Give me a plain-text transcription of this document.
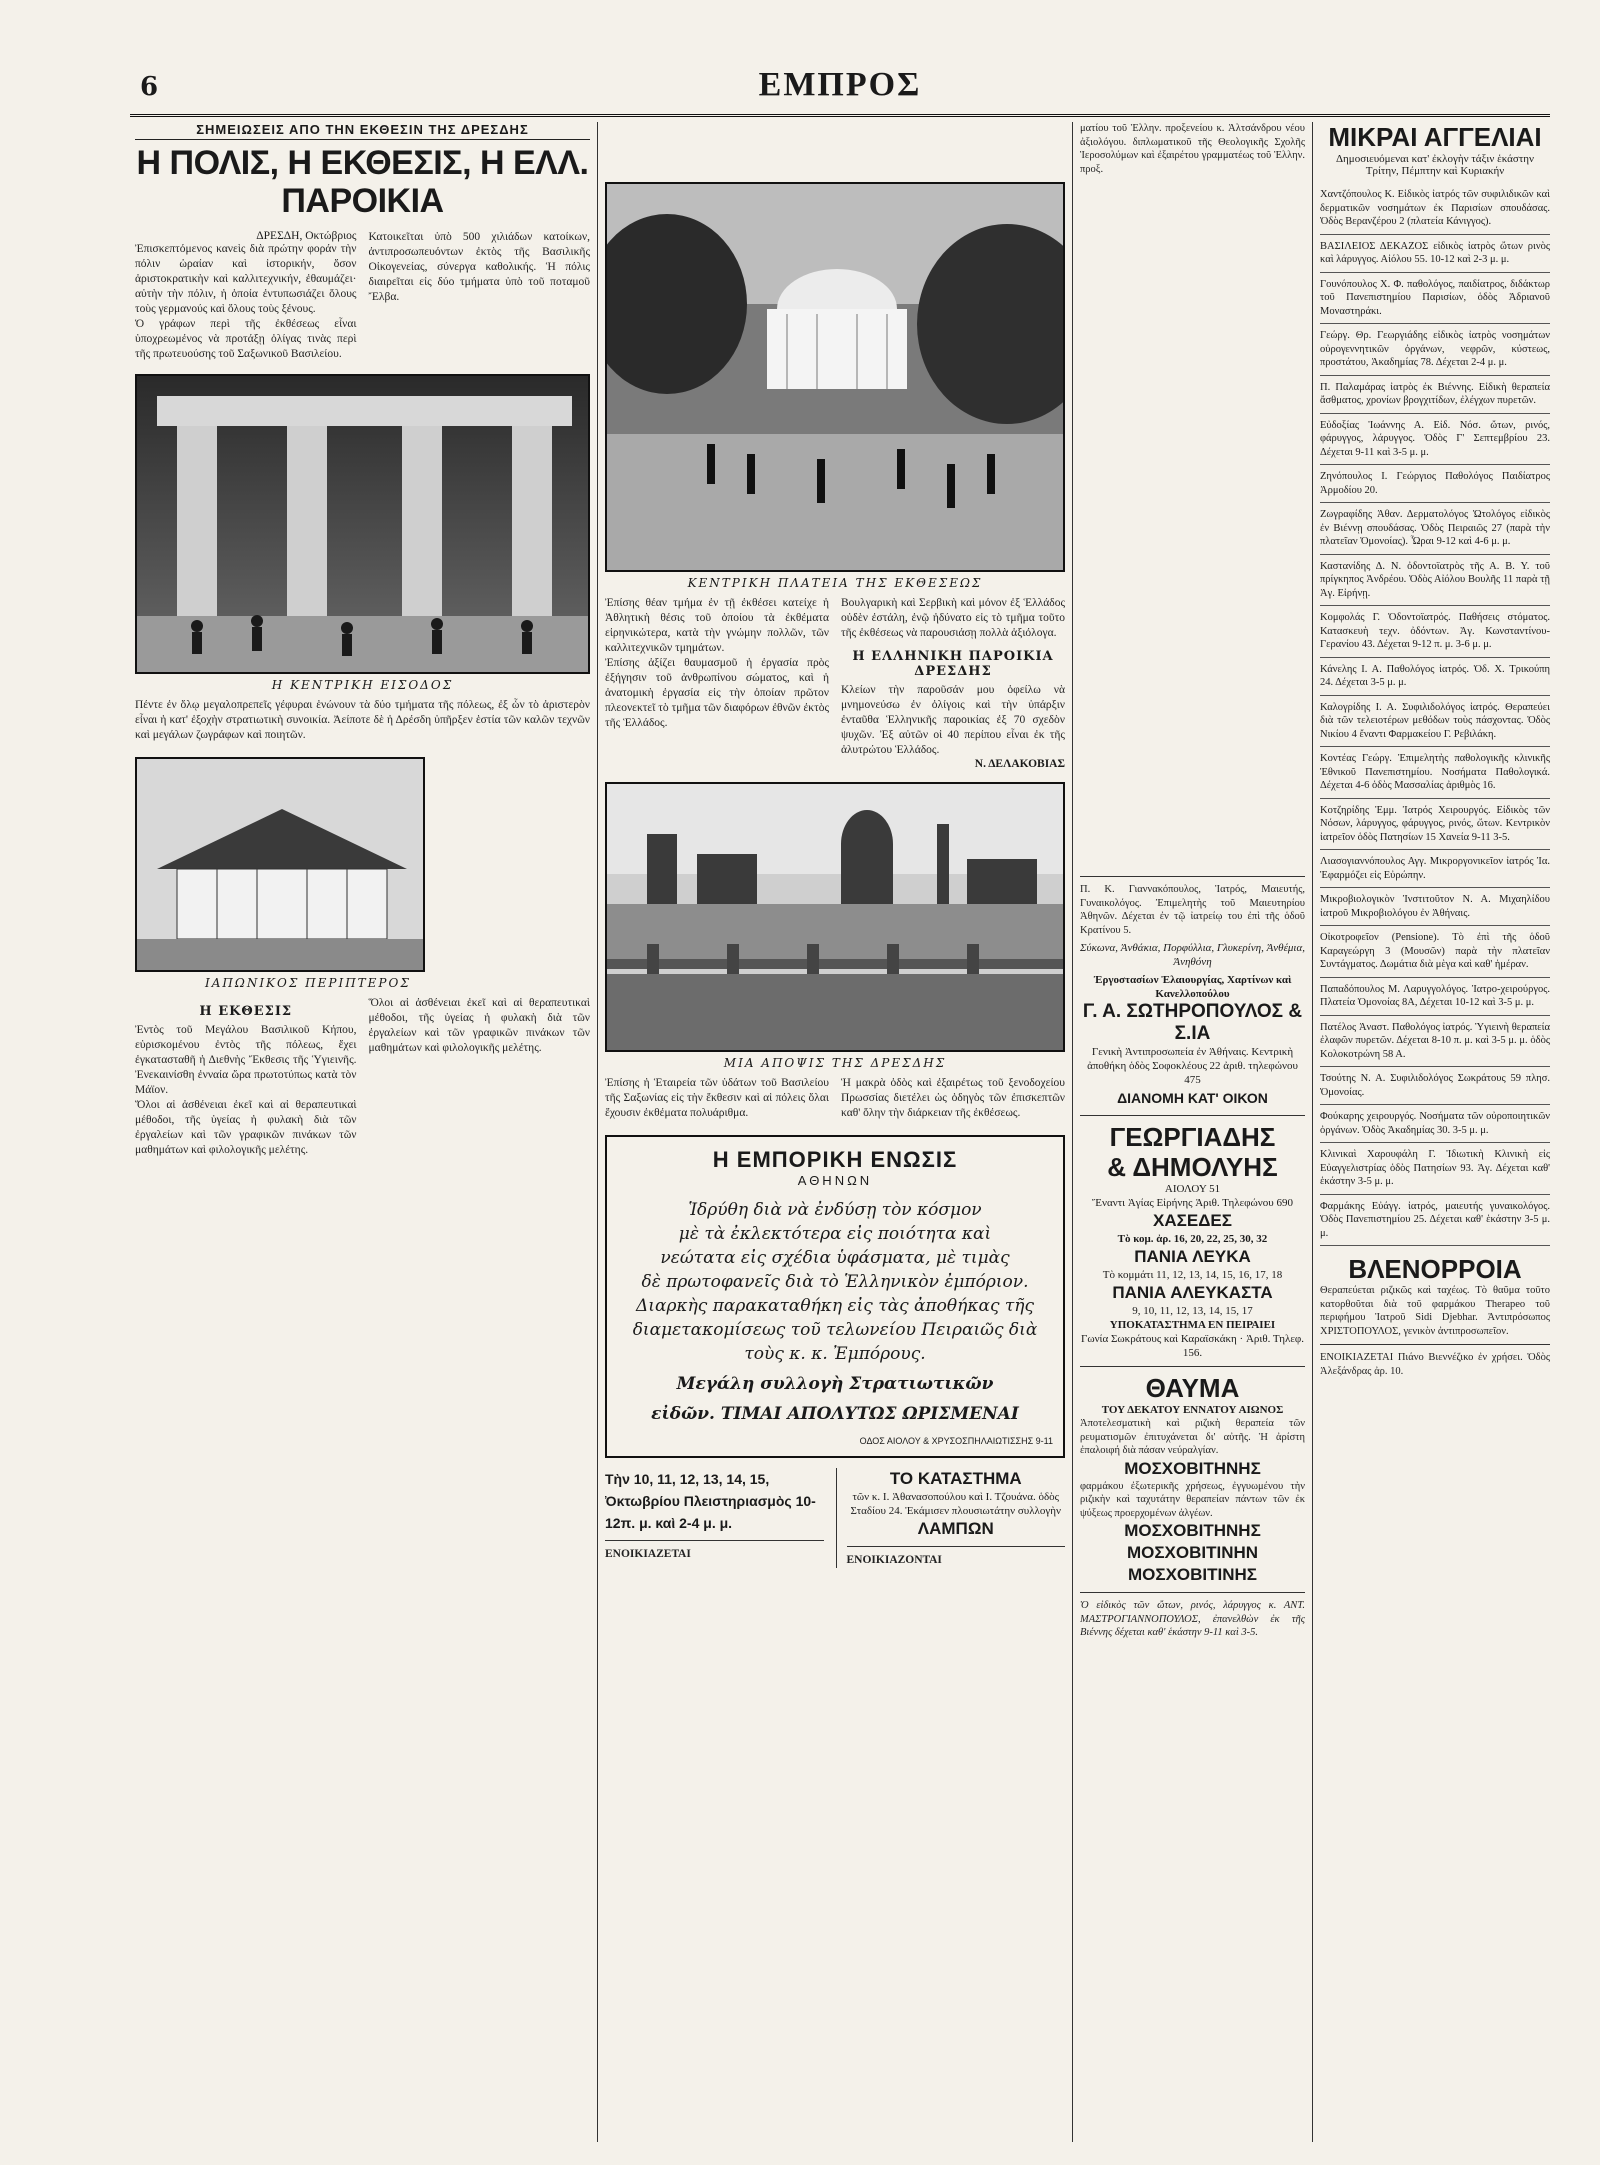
6	ΕΜΠΡΟΣ
ΣΗΜΕΙΩΣΕΙΣ ΑΠΟ ΤΗΝ ΕΚΘΕΣΙΝ ΤΗΣ ΔΡΕΣΔΗΣ
Η ΠΟΛΙΣ, Η ΕΚΘΕΣΙΣ, Η ΕΛΛ. ΠΑΡΟΙΚΙΑ
ΔΡΕΣΔΗ, Οκτώβριος

Ἐπισκεπτόμενος κανεὶς διὰ πρώτην φοράν τὴν πόλιν ὡραίαν καὶ ἱστορικήν, ὅσον ἀριστοκρατικὴν καὶ καλλιτεχνικήν, ἐθαυμάζει· αὐτὴν τὴν πόλιν, ἡ ὁποία ἐντυπωσιάζει ὅλους τοὺς γερμανούς καὶ ὅλους τοὺς ξένους.

Ὁ γράφων περὶ τῆς ἐκθέσεως εἶναι ὑποχρεωμένος νὰ προτάξῃ ὀλίγας τινὰς περὶ τῆς πρωτευούσης τοῦ Σαξωνικοῦ Βασιλείου.

Κατοικεῖται ὑπὸ 500 χιλιάδων κατοίκων, ἀντιπροσωπευόντων ἐκτὸς τῆς Βασιλικῆς Οἰκογενείας, σύνεργα καθολικής. Ἡ πόλις διαιρεῖται εἰς δύο τμήματα ὑπὸ τοῦ ποταμοῦ Ἔλβα.

Η ΚΕΝΤΡΙΚΗ ΕΙΣΟΔΟΣ

Πέντε ἐν ὅλῳ μεγαλοπρεπεῖς γέφυραι ἑνώνουν τὰ δύο τμήματα τῆς πόλεως, ἐξ ὧν τὸ ἀριστερὸν εἶναι ἡ κατ' ἐξοχὴν στρατιωτικὴ συνοικία. Ἀείποτε δὲ ἡ Δρέσδη ὑπῆρξεν ἑστία τῶν καλῶν τεχνῶν καὶ μεγάλων ζωγράφων καὶ ποιητῶν.

ΙΑΠΩΝΙΚΟΣ ΠΕΡΙΠΤΕΡΟΣ
Η ΕΚΘΕΣΙΣ

Ἐντὸς τοῦ Μεγάλου Βασιλικοῦ Κήπου, εὑρισκομένου ἐντὸς τῆς πόλεως, ἔχει ἐγκατασταθῆ ἡ Διεθνὴς Ἔκθεσις τῆς Ὑγιεινῆς. Ἐνεκαινίσθη ἐνναία ὥρα πρωτοτύπως κατὰ τὸν Μάϊον.

Ὅλοι αἱ ἀσθένειαι ἐκεῖ καὶ αἱ θεραπευτικαὶ μέθοδοι, τῆς ὑγείας ἡ φυλακὴ διὰ τῶν ἐργαλείων καὶ τῶν γραφικῶν πινάκων τῶν μαθημάτων καὶ φιλολογικῆς μελέτης.

Ὅλοι αἱ ἀσθένειαι ἐκεῖ καὶ αἱ θεραπευτικαὶ μέθοδοι, τῆς ὑγείας ἡ φυλακὴ διὰ τῶν ἐργαλείων καὶ τῶν γραφικῶν πινάκων τῶν μαθημάτων καὶ φιλολογικῆς μελέτης.

ΚΕΝΤΡΙΚΗ ΠΛΑΤΕΙΑ ΤΗΣ ΕΚΘΕΣΕΩΣ

Ἐπίσης θέαν τμήμα ἐν τῇ ἐκθέσει κατείχε ἡ Ἀθλητικὴ θέσις τοῦ ὁποίου τὰ ἐκθέματα εἰρηνικώτερα, κατὰ τὴν γνώμην πολλῶν, τῶν καλλιτεχνικῶν τμημάτων.

Ἐπίσης ἀξίζει θαυμασμοῦ ἡ ἐργασία πρὸς ἐξήγησιν τοῦ ἀνθρωπίνου σώματος, καὶ ἡ ἀνατομικὴ ἐργασία εἰς τὴν ὁποίαν πρῶτον πλεονεκτεῖ τὸ τμῆμα τῶν διαφόρων ἐθνῶν ἐκτὸς τῆς Ἑλλάδος.

Βουλγαρικὴ καὶ Σερβικὴ καὶ μόνον ἐξ Ἑλλάδος οὐδὲν ἐστάλη, ἐνῷ ἠδύνατο εἰς τὸ τμῆμα τοῦτο τῆς ἐκθέσεως νὰ παρουσιάσῃ πολλὰ ἀξιόλογα.

Η ΕΛΛΗΝΙΚΗ ΠΑΡΟΙΚΙΑ ΔΡΕΣΔΗΣ

Κλείων τὴν παροῦσάν μου ὀφείλω νὰ μνημονεύσω ἐν ὀλίγοις καὶ τὴν ὑπάρξιν ἐνταῦθα Ἑλληνικῆς παροικίας ἐξ 70 σχεδὸν ψυχῶν. Ἐξ αὐτῶν οἱ 40 περίπου εἶναι ἐκ τῆς ἀλυτρώτου Ἑλλάδος.

Ν. ΔΕΛΑΚΟΒΙΑΣ
ΜΙΑ ΑΠΟΨΙΣ ΤΗΣ ΔΡΕΣΔΗΣ

Ἐπίσης ἡ Ἑταιρεία τῶν ὑδάτων τοῦ Βασιλείου τῆς Σαξωνίας εἰς τὴν ἔκθεσιν καὶ αἱ πόλεις ὅλαι ἔχουσιν ἐκθέματα πολυάριθμα.

Ἡ μακρὰ ὁδὸς καὶ ἐξαιρέτως τοῦ ξενοδοχείου Πρωσσίας διετέλει ὡς ὁδηγὸς τῶν ἐπισκεπτῶν καθ' ὅλην τὴν διάρκειαν τῆς ἐκθέσεως.

Η ΕΜΠΟΡΙΚΗ ΕΝΩΣΙΣ
ΑΘΗΝΩΝ
Ἱδρύθη διὰ νὰ ἐνδύσῃ τὸν κόσμον
μὲ τὰ ἐκλεκτότερα εἰς ποιότητα καὶ
νεώτατα εἰς σχέδια ὑφάσματα, μὲ τιμὰς
δὲ πρωτοφανεῖς διὰ τὸ Ἑλληνικὸν ἐμπόριον.
Διαρκὴς παρακαταθήκη εἰς τὰς ἀποθήκας τῆς διαμετακομίσεως τοῦ τελωνείου Πειραιῶς διὰ τοὺς κ. κ. Ἐμπόρους.
Μεγάλη συλλογὴ Στρατιωτικῶν
εἰδῶν. ΤΙΜΑΙ ΑΠΟΛΥΤΩΣ ΩΡΙΣΜΕΝΑΙ
ΟΔΟΣ ΑΙΟΛΟΥ & ΧΡΥΣΟΣΠΗΛΑΙΩΤΙΣΣΗΣ 9-11
Τὴν 10, 11, 12, 13, 14, 15, Ὀκτωβρίου Πλειστηριασμὸς 10-12π. μ. καὶ 2-4 μ. μ.
ΕΝΟΙΚΙΑΖΕΤΑΙ
ΤΟ ΚΑΤΑΣΤΗΜΑ
τῶν κ. Ι. Ἀθανασοπούλου καὶ Ι. Τζουάνα. ὁδὸς Σταδίου 24. Ἐκάμισεν πλουσιωτάτην συλλογὴν
ΛΑΜΠΩΝ
ΕΝΟΙΚΙΑΖΟΝΤΑΙ

ματίου τοῦ Ἑλλην. προξενείου κ. Ἀλτσάνδρου νέου ἀξιολόγου. διπλωματικοῦ τῆς Θεολογικῆς Σχολῆς Ἱεροσολύμων καὶ ἐξαιρέτου γραμματέως τοῦ Ἑλλην. προξ.

Π. Κ. Γιαννακόπουλος, Ἰατρός, Μαιευτής, Γυναικολόγος. Ἐπιμελητὴς τοῦ Μαιευτηρίου Ἀθηνῶν. Δέχεται ἐν τῷ ἰατρείῳ του ἐπὶ τῆς ὁδοῦ Κρατίνου 5.

Σύκωνα, Ἀνθάκια, Πορφύλλια, Γλυκερίνη, Ἀνθέμια, Ἀνηθόνη
Ἐργοστασίων Ἐλαιουργίας, Χαρτίνων καὶ Κανελλοπούλου
Γ. Α. ΣΩΤΗΡΟΠΟΥΛΟΣ & Σ.ΙΑ
Γενικὴ Ἀντιπροσωπεία ἐν Ἀθήναις. Κεντρικὴ ἀποθήκη ὁδὸς Σοφοκλέους 22 ἀριθ. τηλεφώνου 475
ΔΙΑΝΟΜΗ ΚΑΤ' ΟΙΚΟΝ
ΓΕΩΡΓΙΑΔΗΣ
& ΔΗΜΟΛΥΗΣ
ΑΙΟΛΟΥ 51
Ἔναντι Ἁγίας Εἰρήνης Ἀριθ. Τηλεφώνου 690
ΧΑΣΕΔΕΣ
Τὸ κομ. ἀρ. 16, 20, 22, 25, 30, 32
ΠΑΝΙΑ ΛΕΥΚΑ
Τὸ κομμάτι 11, 12, 13, 14, 15, 16, 17, 18
ΠΑΝΙΑ ΑΛΕΥΚΑΣΤΑ
9, 10, 11, 12, 13, 14, 15, 17
ΥΠΟΚΑΤΑΣΤΗΜΑ ΕΝ ΠΕΙΡΑΙΕΙ
Γωνία Σωκράτους καὶ Καραϊσκάκη · Ἀριθ. Τηλεφ. 156.
ΘΑΥΜΑ
ΤΟΥ ΔΕΚΑΤΟΥ ΕΝΝΑΤΟΥ ΑΙΩΝΟΣ

Ἀποτελεσματικὴ καὶ ριζικὴ θεραπεία τῶν ρευματισμῶν ἐπιτυχάνεται δι' αὐτῆς. Ἡ ἀρίστη ἐπαλοιφή διὰ πάσαν νεύραλγίαν.

ΜΟΣΧΟΒΙΤΗΝΗΣ

φαρμάκου ἐξωτερικῆς χρήσεως, ἐγγυωμένου τὴν ριζικὴν καὶ ταχυτάτην θεραπείαν πάντων τῶν ἐκ ψύξεως προερχομένων ἀλγέων.

ΜΟΣΧΟΒΙΤΗΝΗΣ
ΜΟΣΧΟΒΙΤΙΝΗΝ
ΜΟΣΧΟΒΙΤΙΝΗΣ

Ὁ εἰδικὸς τῶν ὤτων, ρινός, λάρυγγος κ. ΑΝΤ. ΜΑΣΤΡΟΓΙΑΝΝΟΠΟΥΛΟΣ, ἐπανελθὼν ἐκ τῆς Βιέννης δέχεται καθ' ἑκάστην 9-11 καὶ 3-5.

ΜΙΚΡΑΙ ΑΓΓΕΛΙΑΙ
Δημοσιευόμεναι κατ' ἐκλογὴν τάξιν ἑκάστην Τρίτην, Πέμπτην καὶ Κυριακήν
Χαντζόπουλος Κ. Εἰδικὸς ἰατρός τῶν συφιλιδικῶν καὶ δερματικῶν νοσημάτων ἐκ Παρισίων σπουδάσας. Ὁδὸς Βερανζέρου 2 (πλατεία Κάνιγγος).
ΒΑΣΙΛΕΙΟΣ ΔΕΚΑΖΟΣ εἰδικὸς ἰατρὸς ὤτων ρινὸς καὶ λάρυγγος. Αἰόλου 55. 10-12 καὶ 2-3 μ. μ.
Γουνόπουλος Χ. Φ. παθολόγος, παιδίατρος, διδάκτωρ τοῦ Πανεπιστημίου Παρισίων, ὁδὸς Ἀδριανοῦ Μοναστηράκι.
Γεώργ. Θρ. Γεωργιάδης εἰδικὸς ἰατρὸς νοσημάτων οὐρογεννητικῶν ὀργάνων, νεφρῶν, κύστεως, προστάτου, Ἀκαδημίας 78. Δέχεται 2-4 μ. μ.
Π. Παλαμάρας ἰατρὸς ἐκ Βιέννης. Εἰδικὴ θεραπεία ἄσθματος, χρονίων βρογχιτίδων, ἐλέγχων πυρετῶν.
Εὐδοξίας Ἰωάννης Α. Εἰδ. Νόσ. ὤτων, ρινός, φάρυγγος, λάρυγγος. Ὁδὸς Γ' Σεπτεμβρίου 23. Δέχεται 9-11 καὶ 3-5 μ. μ.
Ζηνόπουλος Ι. Γεώργιος Παθολόγος Παιδίατρος Ἀρμοδίου 20.
Ζωγραφίδης Ἀθαν. Δερματολόγος Ὠτολόγος εἰδικὸς ἐν Βιέννῃ σπουδάσας. Ὁδὸς Πειραιῶς 27 (παρὰ τὴν πλατεῖαν Ὁμονοίας). Ὧραι 9-12 καὶ 4-6 μ. μ.
Καστανίδης Δ. Ν. ὀδοντοϊατρὸς τῆς Α. Β. Υ. τοῦ πρίγκηπος Ἀνδρέου. Ὁδὸς Αἰόλου Βουλῆς 11 παρὰ τῇ Ἁγ. Εἰρήνῃ.
Κομφολάς Γ. Ὀδοντοϊατρός. Παθήσεις στόματος. Κατασκευὴ τεχν. ὀδόντων. Ἁγ. Κωνσταντίνου-Γερανίου 43. Δέχεται 9-12 π. μ. 3-6 μ. μ.
Κάνελης Ι. Α. Παθολόγος ἰατρός. Ὁδ. Χ. Τρικούπη 24. Δέχεται 3-5 μ. μ.
Καλογρίδης Ι. Α. Συφιλιδολόγος ἰατρός. Θεραπεύει διὰ τῶν τελειοτέρων μεθόδων τοὺς πάσχοντας. Ὁδὸς Νικίου 4 ἔναντι Φαρμακείου Γ. Ρεβιλάκη.
Κοντέας Γεώργ. Ἐπιμελητὴς παθολογικῆς κλινικῆς Ἐθνικοῦ Πανεπιστημίου. Νοσήματα Παθολογικά. Δέχεται 4-6 ὁδὸς Μασσαλίας ἀριθμὸς 16.
Κοτζηρίδης Ἐμμ. Ἰατρός Χειρουργός. Εἰδικὸς τῶν Νόσων, λάρυγγος, φάρυγγος, ρινός, ὤτων. Κεντρικὸν ἰατρεῖον ὁδὸς Πατησίων 15 Χανεία 9-11 3-5.
Λιασογιαννόπουλος Αγγ. Μικροργονικεῖον ἰατρός Ἰα. Ἐφαρμόζει εἰς Εὐρώπην.
Μικροβιολογικὸν Ἰνστιτοῦτον Ν. Α. Μιχαηλίδου ἰατροῦ Μικροβιολόγου ἐν Ἀθήναις.
Οἰκοτροφεῖον (Pensione). Τὸ ἐπὶ τῆς ὁδοῦ Καραγεώργη 3 (Μουσῶν) παρὰ τὴν πλατεῖαν Συντάγματος. Δωμάτια διὰ μὲγα καὶ καθ' ἡμέραν.
Παπαδόπουλος Μ. Λαρυγγολόγος. Ἰατρο-χειρούργος. Πλατεία Ὁμονοίας 8Α, Δέχεται 10-12 καὶ 3-5 μ. μ.
Πατέλος Ἀναστ. Παθολόγος ἰατρός. Ὑγιεινὴ θεραπεία ἐλαφῶν πυρετῶν. Δέχεται 8-10 π. μ. καὶ 3-5 μ. μ. ὁδὸς Κολοκοτρώνη 58 Α.
Τσούτης Ν. Α. Συφιλιδολόγος Σωκράτους 59 πλησ. Ὁμονοίας.
Φούκαρης χειρουργός. Νοσήματα τῶν οὐροποιητικῶν ὀργάνων. Ὁδὸς Ἀκαδημίας 30. 3-5 μ. μ.
Κλινικαὶ Χαρουφάλη Γ. Ἰδιωτικὴ Κλινικὴ εἰς Εὐαγγελιστρίας ὁδὸς Πατησίων 93. Ἁγ. Δέχεται καθ' ἑκάστην 3-5 μ. μ.
Φαρμάκης Εὐάγγ. ἰατρός, μαιευτής γυναικολόγος. Ὁδὸς Πανεπιστημίου 25. Δέχεται καθ' ἑκάστην 3-5 μ. μ.
ΒΛΕΝΟΡΡΟΙΑ

Θεραπεύεται ριζικῶς καὶ ταχέως. Τὸ θαῦμα τοῦτο κατορθοῦται διὰ τοῦ φαρμάκου Therapeo τοῦ περιφήμου Ἰατροῦ Sidi Djebhar. Ἀντιπρόσωπος ΧΡΙΣΤΟΠΟΥΛΟΣ, γενικὸν ἀντιπροσωπεῖον.

ΕΝΟΙΚΙΑΖΕΤΑΙ Πιάνο Βιεννέζικο ἐν χρήσει. Ὁδὸς Ἀλεξάνδρας ἀρ. 10.
